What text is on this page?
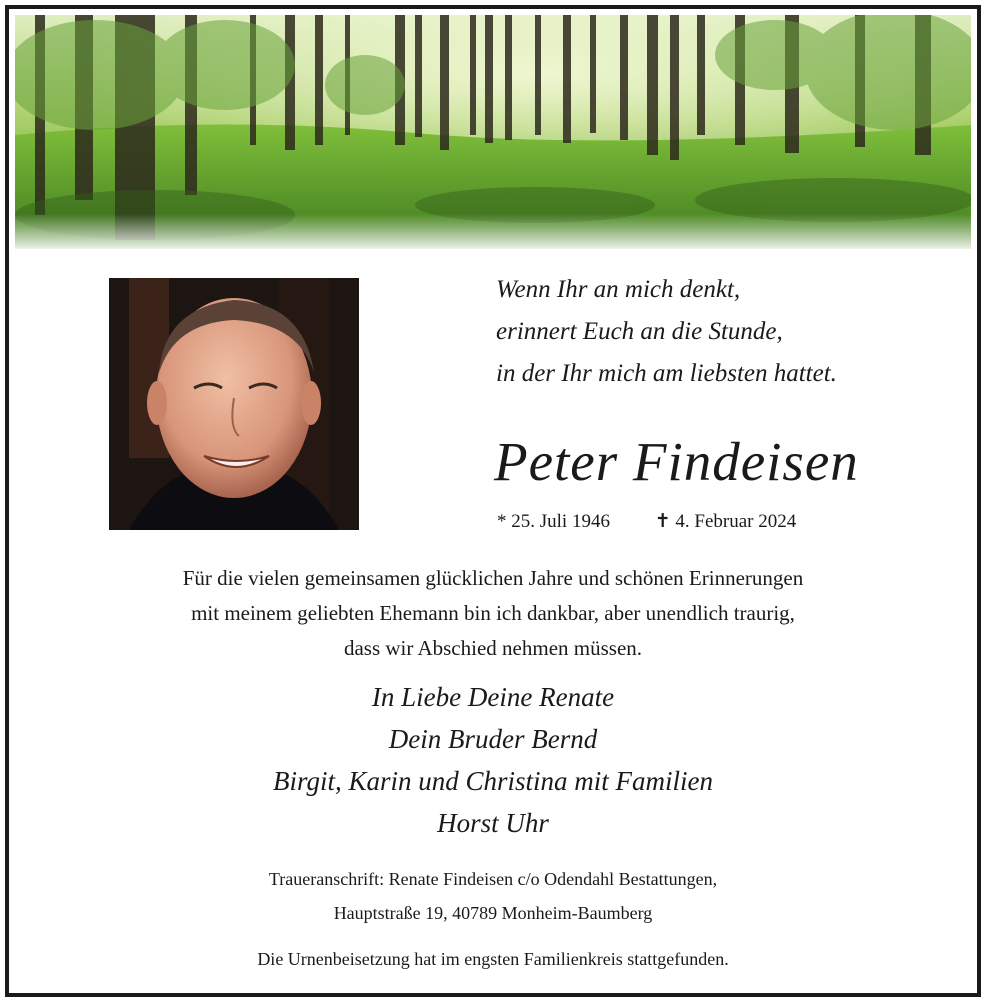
Wenn Ihr an mich denkt,
erinnert Euch an die Stunde,
in der Ihr mich am liebsten hattet.
Peter Findeisen
* 25. Juli 1946 ✝ 4. Februar 2024
Für die vielen gemeinsamen glücklichen Jahre und schönen Erinnerungen
mit meinem geliebten Ehemann bin ich dankbar, aber unendlich traurig,
dass wir Abschied nehmen müssen.
In Liebe Deine Renate
Dein Bruder Bernd
Birgit, Karin und Christina mit Familien
Horst Uhr
Traueranschrift: Renate Findeisen c/o Odendahl Bestattungen,
Hauptstraße 19, 40789 Monheim-Baumberg
Die Urnenbeisetzung hat im engsten Familienkreis stattgefunden.
